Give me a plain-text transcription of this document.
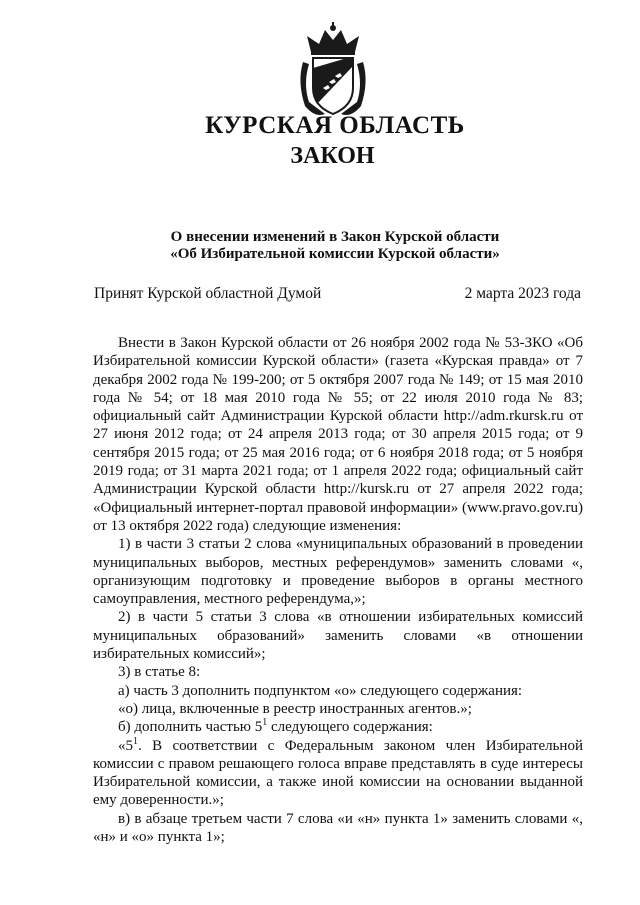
КУРСКАЯ ОБЛАСТЬ
ЗАКОН
О внесении изменений в Закон Курской области
«Об Избирательной комиссии Курской области»
Принят Курской областной Думой	2 марта 2023 года

Внести в Закон Курской области от 26 ноября 2002 года № 53-ЗКО «Об Избирательной комиссии Курской области» (газета «Курская правда» от 7 декабря 2002 года № 199-200; от 5 октября 2007 года № 149; от 15 мая 2010 года № 54; от 18 мая 2010 года № 55; от 22 июля 2010 года № 83; официальный сайт Администрации Курской области http://adm.rkursk.ru от 27 июня 2012 года; от 24 апреля 2013 года; от 30 апреля 2015 года; от 9 сентября 2015 года; от 25 мая 2016 года; от 6 ноября 2018 года; от 5 ноября 2019 года; от 31 марта 2021 года; от 1 апреля 2022 года; официальный сайт Администрации Курской области http://kursk.ru от 27 апреля 2022 года; «Официальный интернет-портал правовой информации» (www.pravo.gov.ru) от 13 октября 2022 года) следующие изменения:

1) в части 3 статьи 2 слова «муниципальных образований в проведении муниципальных выборов, местных референдумов» заменить словами «, организующим подготовку и проведение выборов в органы местного самоуправления, местного референдума,»;

2) в части 5 статьи 3 слова «в отношении избирательных комиссий муниципальных образований» заменить словами «в отношении избирательных комиссий»;

3) в статье 8:

а) часть 3 дополнить подпунктом «о» следующего содержания:

«о) лица, включенные в реестр иностранных агентов.»;

б) дополнить частью $5^1$ следующего содержания:

«$5^1$. В соответствии с Федеральным законом член Избирательной комиссии с правом решающего голоса вправе представлять в суде интересы Избирательной комиссии, а также иной комиссии на основании выданной ему доверенности.»;

в) в абзаце третьем части 7 слова «и «н» пункта 1» заменить словами «, «н» и «о» пункта 1»;
